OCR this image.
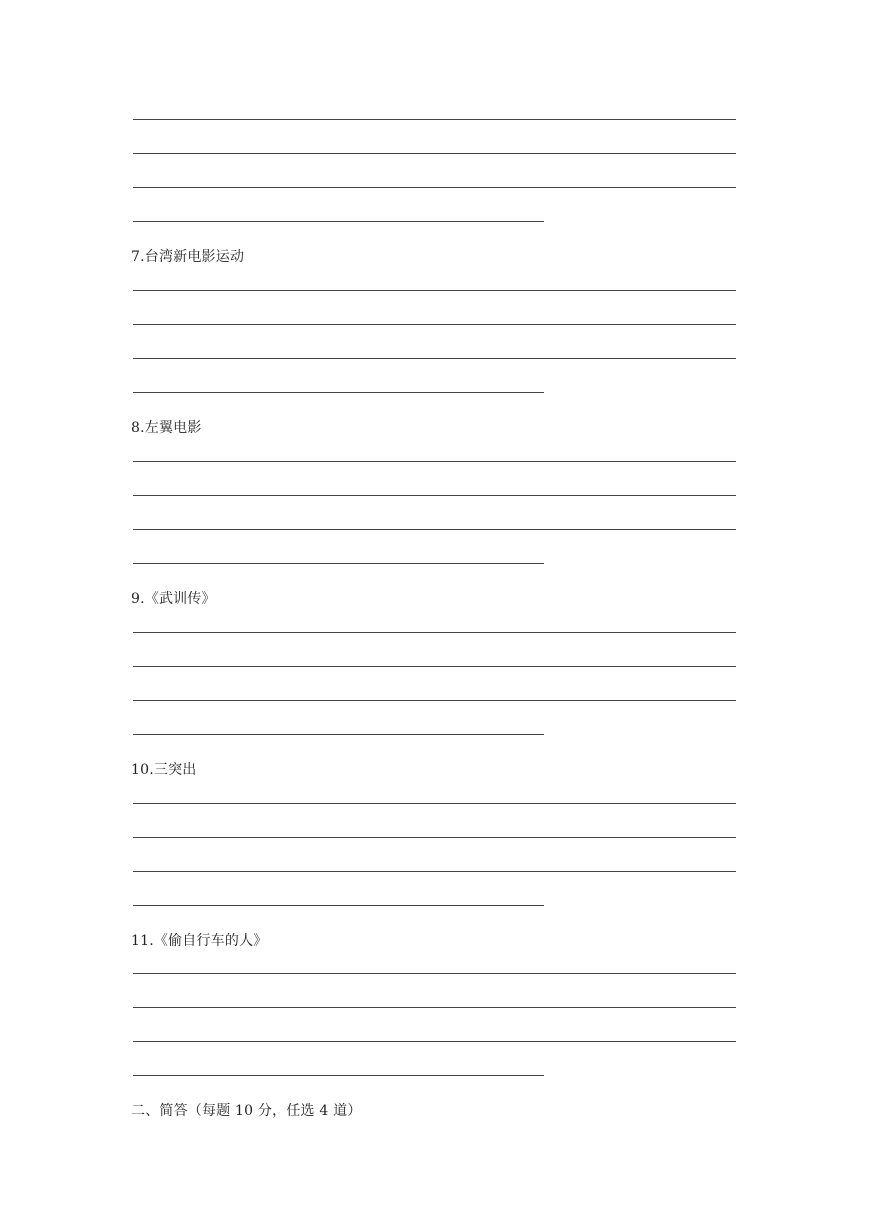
7.台湾新电影运动
8.左翼电影
9.《武训传》
10.三突出
11.《偷自行车的人》
二、简答（每题 10 分，任选 4 道）
